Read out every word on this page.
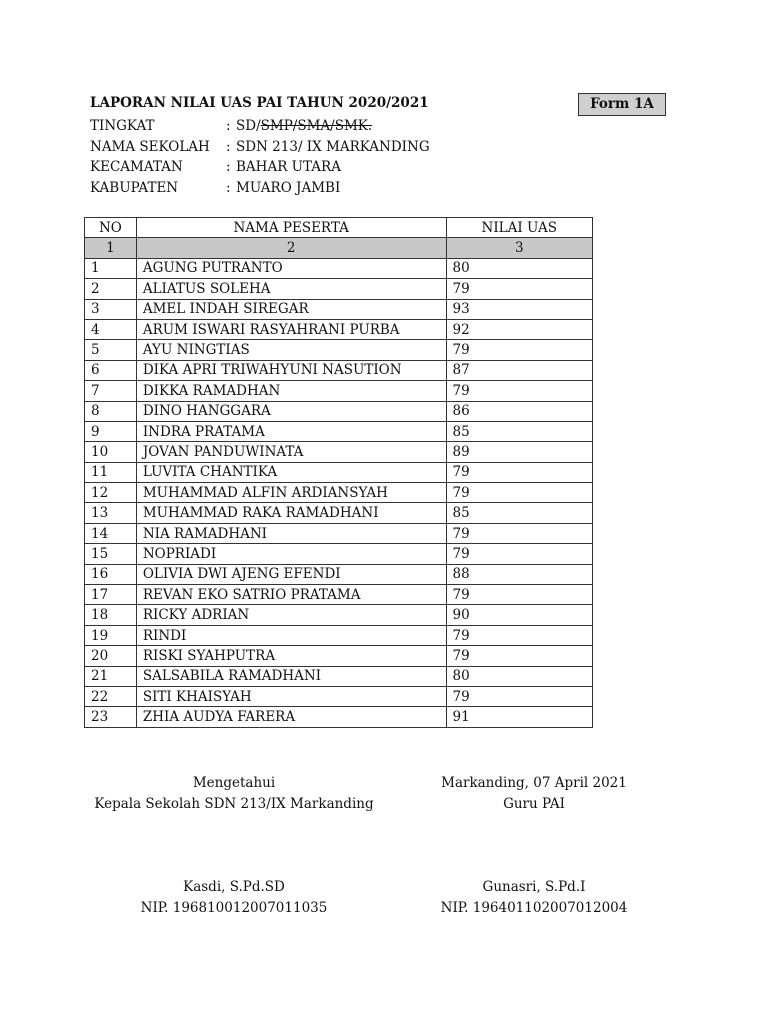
LAPORAN NILAI UAS PAI TAHUN 2020/2021	Form 1A
TINGKAT	: SD/SMP/SMA/SMK.
NAMA SEKOLAH : SDN 213/ IX MARKANDING
KECAMATAN	: BAHAR UTARA
KABUPATEN	: MUARO JAMBI
NO	NAMA PESERTA	NILAI UAS
1	2	3
1	AGUNG PUTRANTO	80
2	ALIATUS SOLEHA	79
3	AMEL INDAH SIREGAR	93
4	ARUM ISWARI RASYAHRANI PURBA	92
5	AYU NINGTIAS	79
6	DIKA APRI TRIWAHYUNI NASUTION	87
7	DIKKA RAMADHAN	79
8	DINO HANGGARA	86
9	INDRA PRATAMA	85
10	JOVAN PANDUWINATA	89
11	LUVITA CHANTIKA	79
12	MUHAMMAD ALFIN ARDIANSYAH	79
13	MUHAMMAD RAKA RAMADHANI	85
14	NIA RAMADHANI	79
15	NOPRIADI	79
16	OLIVIA DWI AJENG EFENDI	88
17	REVAN EKO SATRIO PRATAMA	79
18	RICKY ADRIAN	90
19	RINDI	79
20	RISKI SYAHPUTRA	79
21	SALSABILA RAMADHANI	80
22	SITI KHAISYAH	79
23	ZHIA AUDYA FARERA	91
Mengetahui
Kepala Sekolah SDN 213/IX Markanding
Markanding, 07 April 2021
Guru PAI
Kasdi, S.Pd.SD
NIP. 196810012007011035
Gunasri, S.Pd.I
NIP. 196401102007012004
